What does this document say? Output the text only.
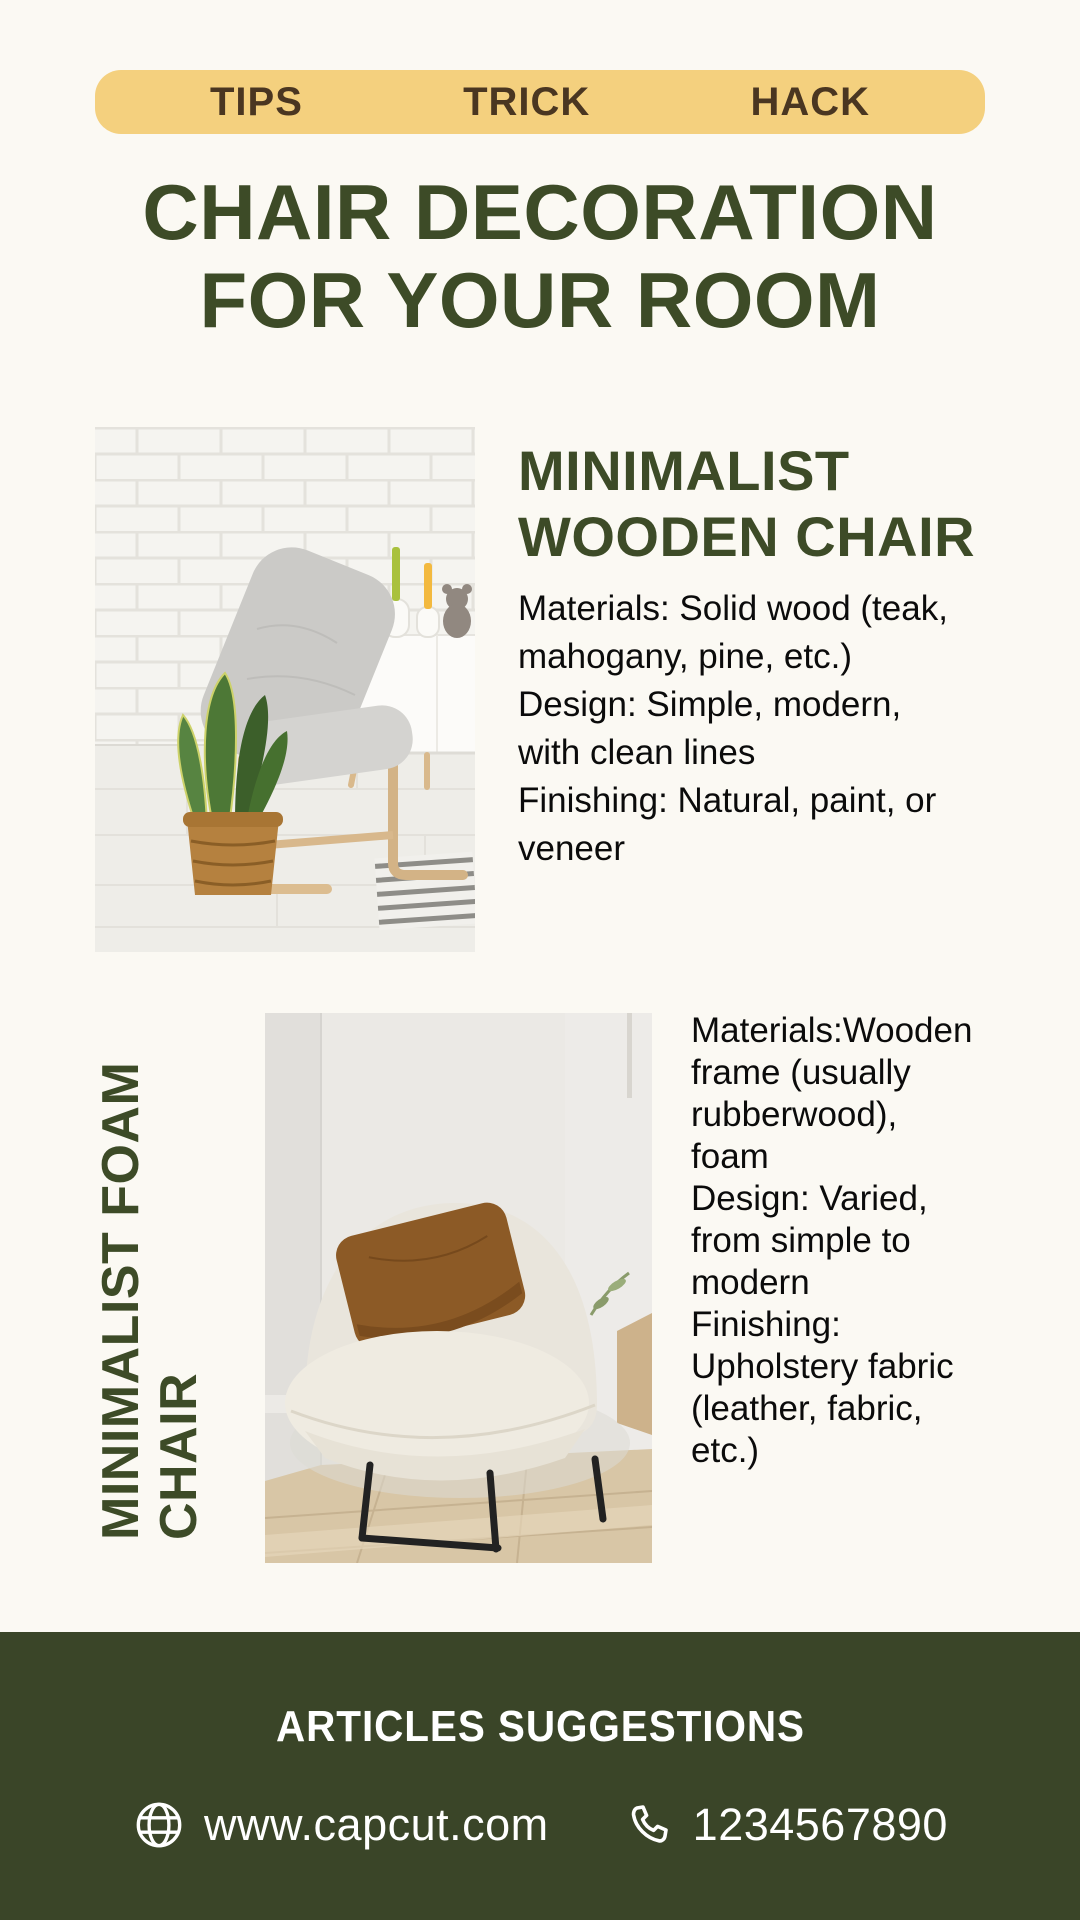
TIPS	TRICK	HACK
CHAIR DECORATION
FOR YOUR ROOM
MINIMALIST
WOODEN CHAIR
Materials: Solid wood (teak,
mahogany, pine, etc.)
Design: Simple, modern,
with clean lines
Finishing: Natural, paint, or
veneer
MINIMALIST FOAM CHAIR
Materials:Wooden
frame (usually
rubberwood),
foam
Design: Varied,
from simple to
modern
Finishing:
Upholstery fabric
(leather, fabric,
etc.)
ARTICLES SUGGESTIONS
www.capcut.com	1234567890
